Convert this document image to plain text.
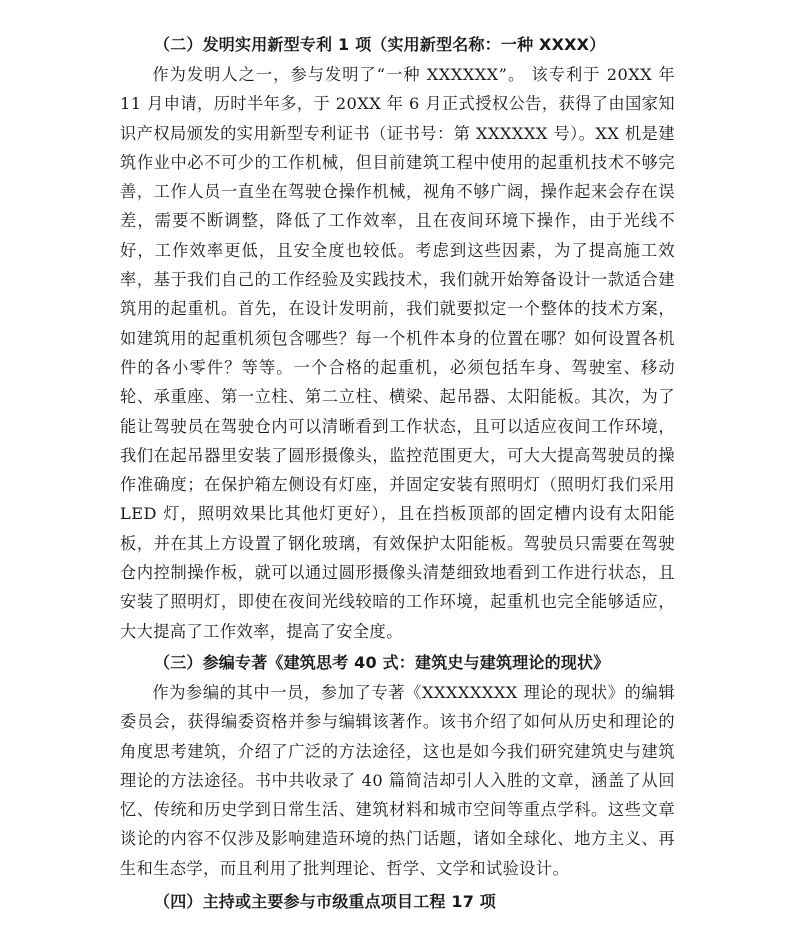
（二）发明实用新型专利 1 项（实用新型名称：一种 XXXX）

作为发明人之一，参与发明了“一种 XXXXXX”。 该专利于 20XX 年 11 月申请，历时半年多，于 20XX 年 6 月正式授权公告，获得了由国家知识产权局颁发的实用新型专利证书（证书号：第 XXXXXX 号）。XX 机是建筑作业中必不可少的工作机械，但目前建筑工程中使用的起重机技术不够完善，工作人员一直坐在驾驶仓操作机械，视角不够广阔，操作起来会存在误差，需要不断调整，降低了工作效率，且在夜间环境下操作，由于光线不好，工作效率更低，且安全度也较低。考虑到这些因素，为了提高施工效率，基于我们自己的工作经验及实践技术，我们就开始筹备设计一款适合建筑用的起重机。首先，在设计发明前，我们就要拟定一个整体的技术方案，如建筑用的起重机须包含哪些？每一个机件本身的位置在哪？如何设置各机件的各小零件？等等。一个合格的起重机，必须包括车身、驾驶室、移动轮、承重座、第一立柱、第二立柱、横梁、起吊器、太阳能板。其次，为了能让驾驶员在驾驶仓内可以清晰看到工作状态，且可以适应夜间工作环境，我们在起吊器里安装了圆形摄像头，监控范围更大，可大大提高驾驶员的操作准确度；在保护箱左侧设有灯座，并固定安装有照明灯（照明灯我们采用 LED 灯，照明效果比其他灯更好），且在挡板顶部的固定槽内设有太阳能板，并在其上方设置了钢化玻璃，有效保护太阳能板。驾驶员只需要在驾驶仓内控制操作板，就可以通过圆形摄像头清楚细致地看到工作进行状态，且安装了照明灯，即使在夜间光线较暗的工作环境，起重机也完全能够适应，大大提高了工作效率，提高了安全度。

（三）参编专著《建筑思考 40 式：建筑史与建筑理论的现状》

作为参编的其中一员，参加了专著《XXXXXXXX 理论的现状》的编辑委员会，获得编委资格并参与编辑该著作。该书介绍了如何从历史和理论的角度思考建筑，介绍了广泛的方法途径，这也是如今我们研究建筑史与建筑理论的方法途径。书中共收录了 40 篇简洁却引人入胜的文章，涵盖了从回忆、传统和历史学到日常生活、建筑材料和城市空间等重点学科。这些文章谈论的内容不仅涉及影响建造环境的热门话题，诸如全球化、地方主义、再生和生态学，而且利用了批判理论、哲学、文学和试验设计。

（四）主持或主要参与市级重点项目工程 17 项
